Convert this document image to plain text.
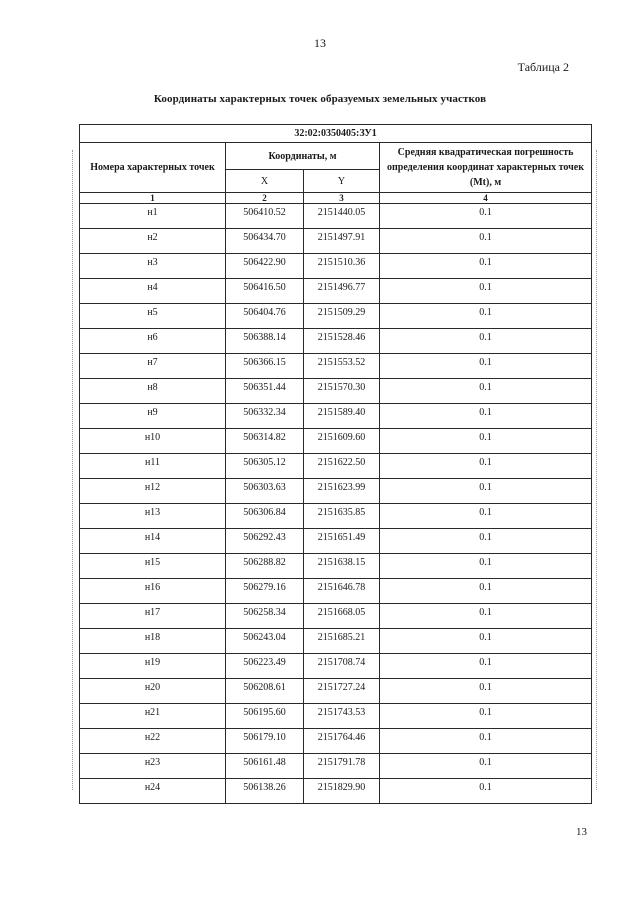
13
Таблица 2
Координаты характерных точек образуемых земельных участков
32:02:0350405:ЗУ1			
Номера характерных точек	Координаты, м		Средняя квадратическая погрешность определения координат характерных точек (Mt), м
	X	Y	
1	2	3	4
н1	506410.52	2151440.05	0.1
н2	506434.70	2151497.91	0.1
н3	506422.90	2151510.36	0.1
н4	506416.50	2151496.77	0.1
н5	506404.76	2151509.29	0.1
н6	506388.14	2151528.46	0.1
н7	506366.15	2151553.52	0.1
н8	506351.44	2151570.30	0.1
н9	506332.34	2151589.40	0.1
н10	506314.82	2151609.60	0.1
н11	506305.12	2151622.50	0.1
н12	506303.63	2151623.99	0.1
н13	506306.84	2151635.85	0.1
н14	506292.43	2151651.49	0.1
н15	506288.82	2151638.15	0.1
н16	506279.16	2151646.78	0.1
н17	506258.34	2151668.05	0.1
н18	506243.04	2151685.21	0.1
н19	506223.49	2151708.74	0.1
н20	506208.61	2151727.24	0.1
н21	506195.60	2151743.53	0.1
н22	506179.10	2151764.46	0.1
н23	506161.48	2151791.78	0.1
н24	506138.26	2151829.90	0.1
13
